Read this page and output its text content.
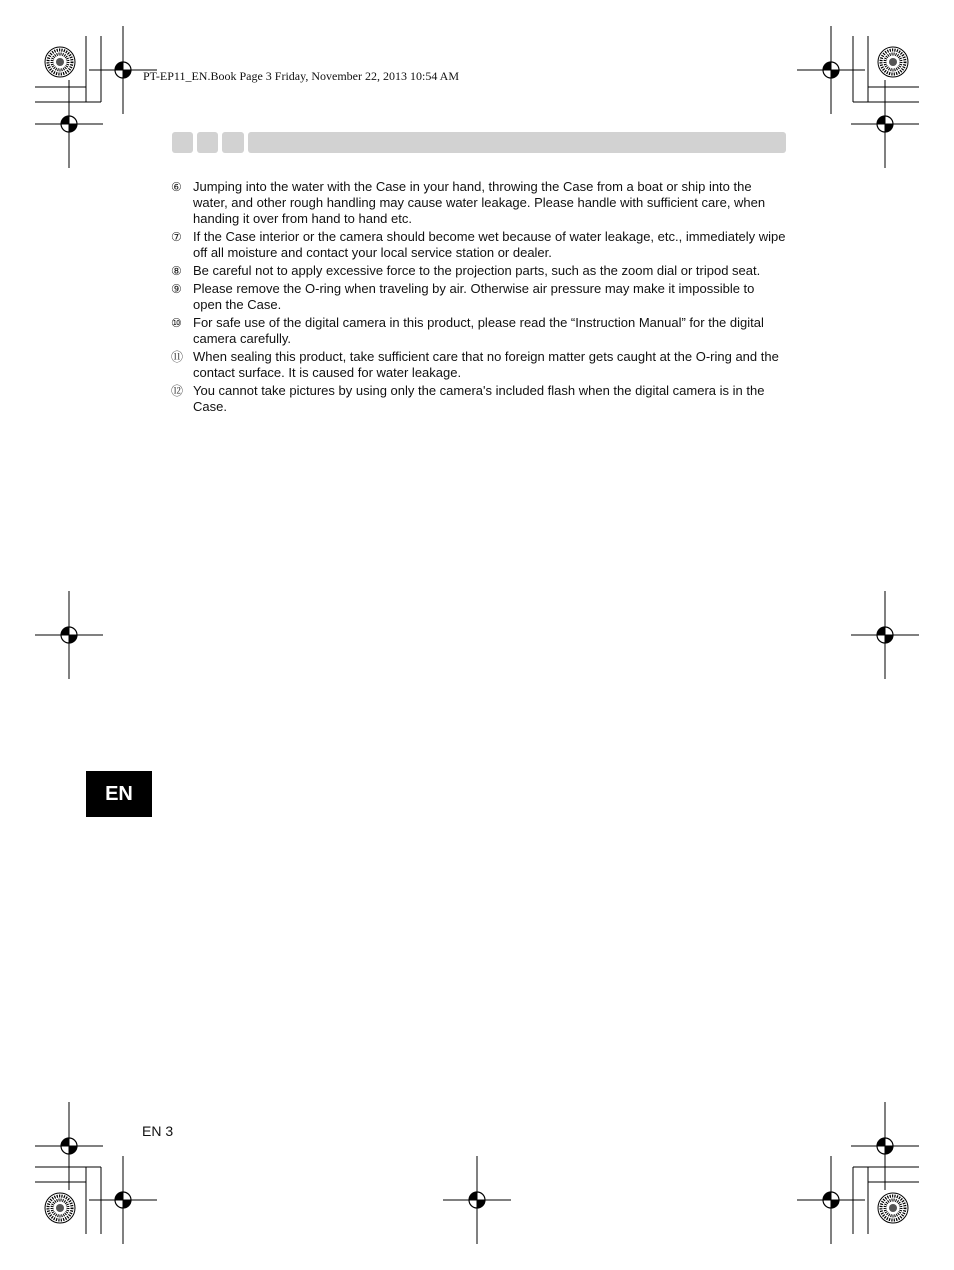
PT-EP11_EN.Book Page 3 Friday, November 22, 2013 10:54 AM
⑥ Jumping into the water with the Case in your hand, throwing the Case from a boat or ship into the water, and other rough handling may cause water leakage. Please handle with sufficient care, when handing it over from hand to hand etc.
⑦ If the Case interior or the camera should become wet because of water leakage, etc., immediately wipe off all moisture and contact your local service station or dealer.
⑧ Be careful not to apply excessive force to the projection parts, such as the zoom dial or tripod seat.
⑨ Please remove the O-ring when traveling by air. Otherwise air pressure may make it impossible to open the Case.
⑩ For safe use of the digital camera in this product, please read the “Instruction Manual” for the digital camera carefully.
⑪ When sealing this product, take sufficient care that no foreign matter gets caught at the O-ring and the contact surface. It is caused for water leakage.
⑫ You cannot take pictures by using only the camera's included flash when the digital camera is in the Case.
EN
EN 3
